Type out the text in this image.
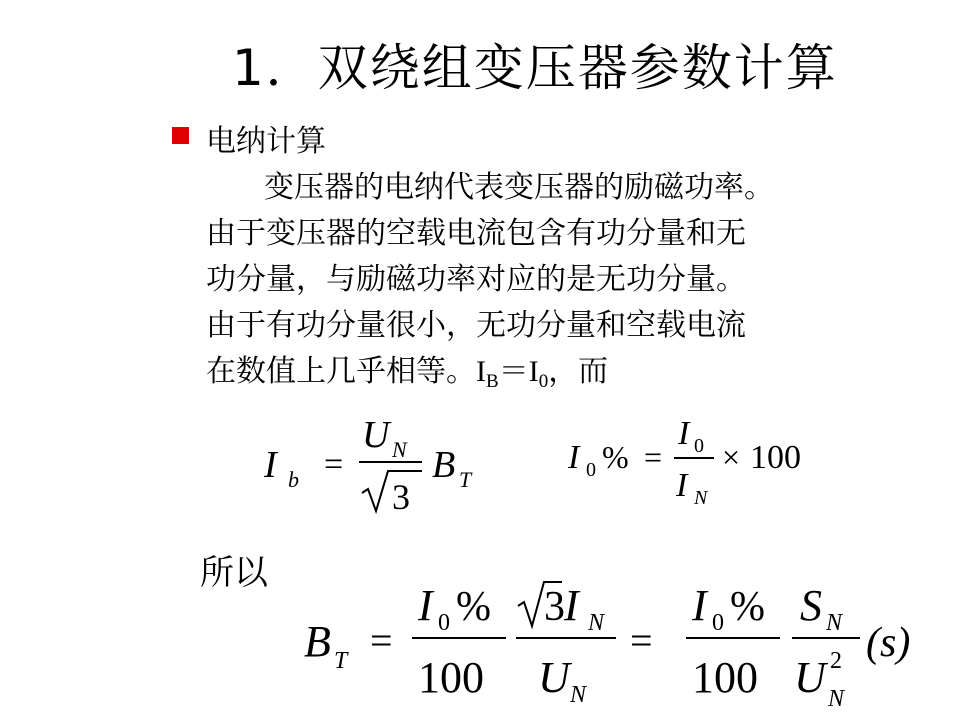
1．双绕组变压器参数计算
电纳计算
变压器的电纳代表变压器的励磁功率。
由于变压器的空载电流包含有功分量和无
功分量，与励磁功率对应的是无功分量。
由于有功分量很小，无功分量和空载电流
在数值上几乎相等。$I_B=I_0$，而
I b =
U N
3
B T
I 0 % =
I 0
I N
× 100
所以
B T =
I 0 %
100
3 I N
U N
=
I 0 %
100
S N
U 2
N
(s)
